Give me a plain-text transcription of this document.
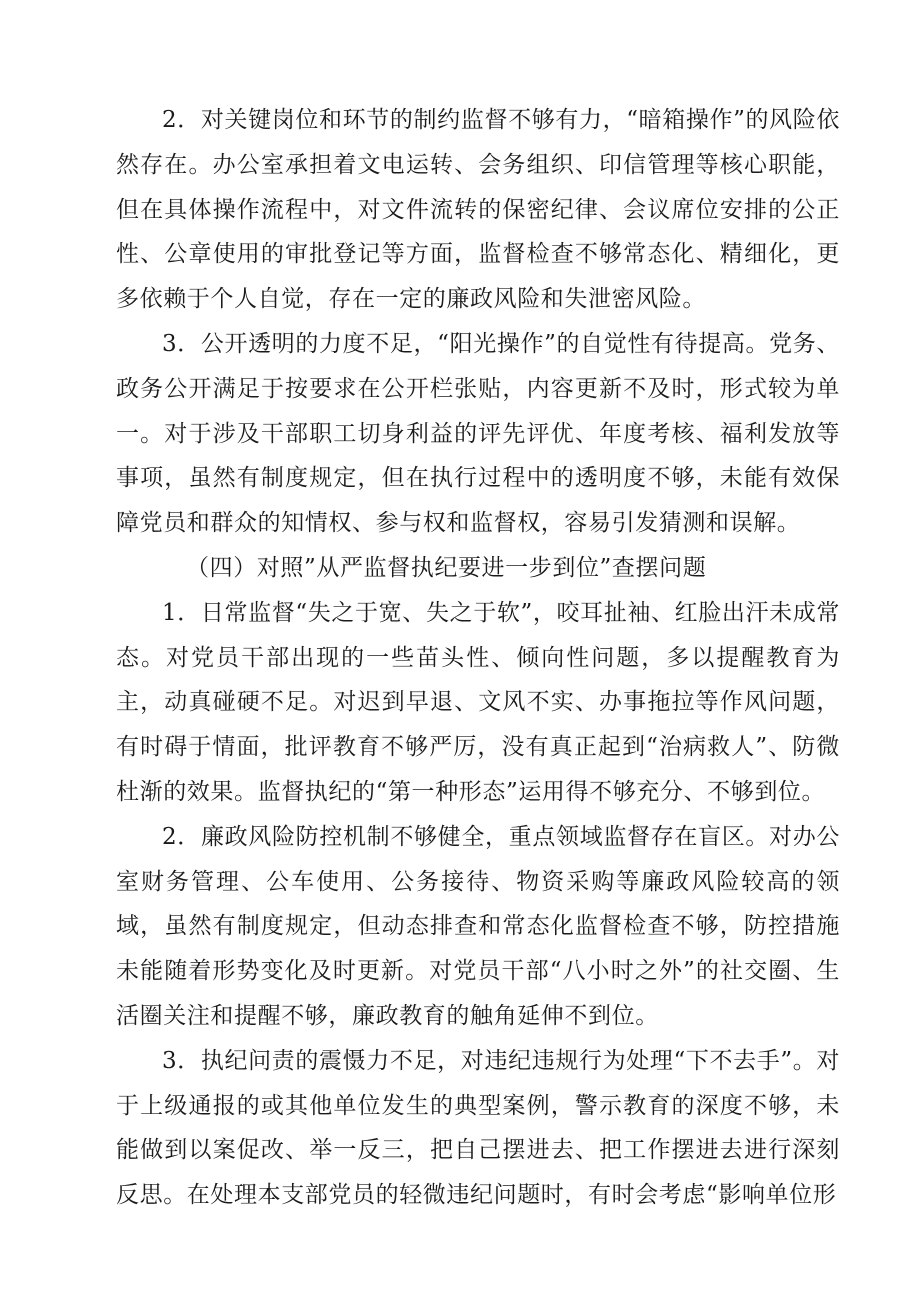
2．对关键岗位和环节的制约监督不够有力，“暗箱操作”的风险依然存在。办公室承担着文电运转、会务组织、印信管理等核心职能，但在具体操作流程中，对文件流转的保密纪律、会议席位安排的公正性、公章使用的审批登记等方面，监督检查不够常态化、精细化，更多依赖于个人自觉，存在一定的廉政风险和失泄密风险。

3．公开透明的力度不足，“阳光操作”的自觉性有待提高。党务、政务公开满足于按要求在公开栏张贴，内容更新不及时，形式较为单一。对于涉及干部职工切身利益的评先评优、年度考核、福利发放等事项，虽然有制度规定，但在执行过程中的透明度不够，未能有效保障党员和群众的知情权、参与权和监督权，容易引发猜测和误解。

（四）对照”从严监督执纪要进一步到位”查摆问题

1．日常监督“失之于宽、失之于软”，咬耳扯袖、红脸出汗未成常态。对党员干部出现的一些苗头性、倾向性问题，多以提醒教育为主，动真碰硬不足。对迟到早退、文风不实、办事拖拉等作风问题，有时碍于情面，批评教育不够严厉，没有真正起到“治病救人”、防微杜渐的效果。监督执纪的“第一种形态”运用得不够充分、不够到位。

2．廉政风险防控机制不够健全，重点领域监督存在盲区。对办公室财务管理、公车使用、公务接待、物资采购等廉政风险较高的领域，虽然有制度规定，但动态排查和常态化监督检查不够，防控措施未能随着形势变化及时更新。对党员干部“八小时之外”的社交圈、生活圈关注和提醒不够，廉政教育的触角延伸不到位。

3．执纪问责的震慑力不足，对违纪违规行为处理“下不去手”。对于上级通报的或其他单位发生的典型案例，警示教育的深度不够，未能做到以案促改、举一反三，把自己摆进去、把工作摆进去进行深刻反思。在处理本支部党员的轻微违纪问题时，有时会考虑“影响单位形
